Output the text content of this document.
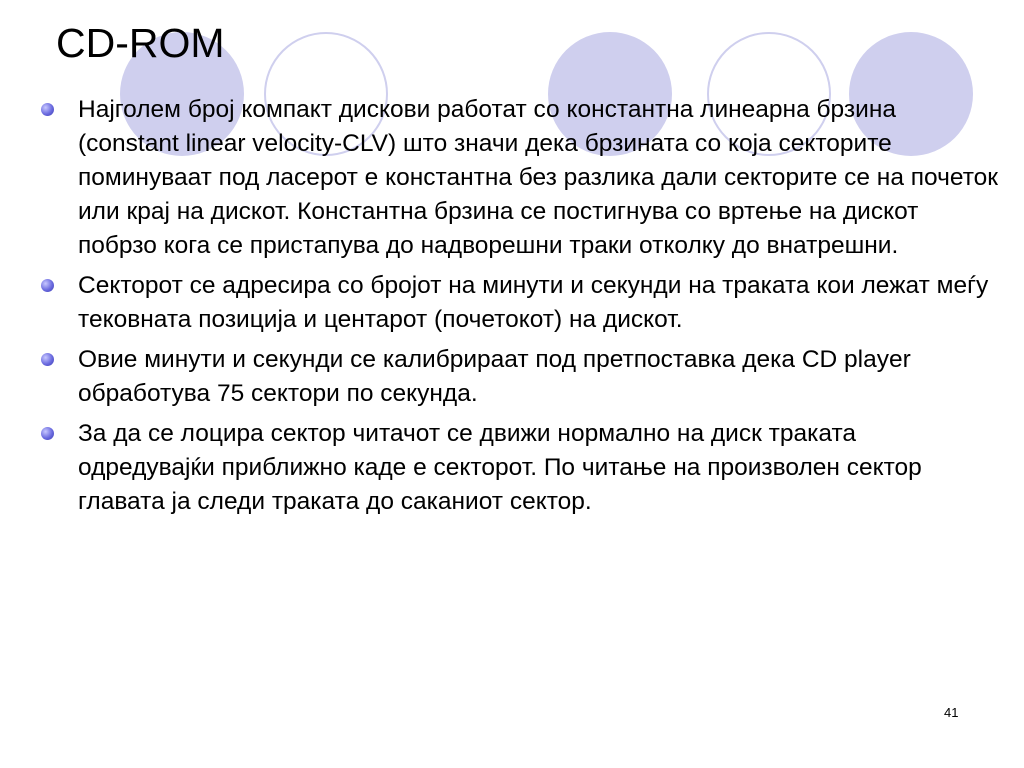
CD-ROM
Најголем број компакт дискови работат со константна линеарна брзина (constant linear velocity-CLV) што значи дека брзината со која секторите поминуваат под ласерот е константна без разлика дали секторите се на почеток или крај на дискот. Константна брзина се постигнува со вртење на дискот побрзо кога се пристапува до надворешни траки отколку до внатрешни.
Секторот се адресира со бројот на минути и секунди на траката кои лежат меѓу тековната позиција и центарот (почетокот) на дискот.
Овие минути и секунди се калибрираат под претпоставка дека CD player обработува 75 сектори по секунда.
За да се лоцира сектор читачот се движи нормално на диск траката одредувајќи приближно каде е секторот. По читање на произволен сектор главата ја следи траката до саканиот сектор.
41
